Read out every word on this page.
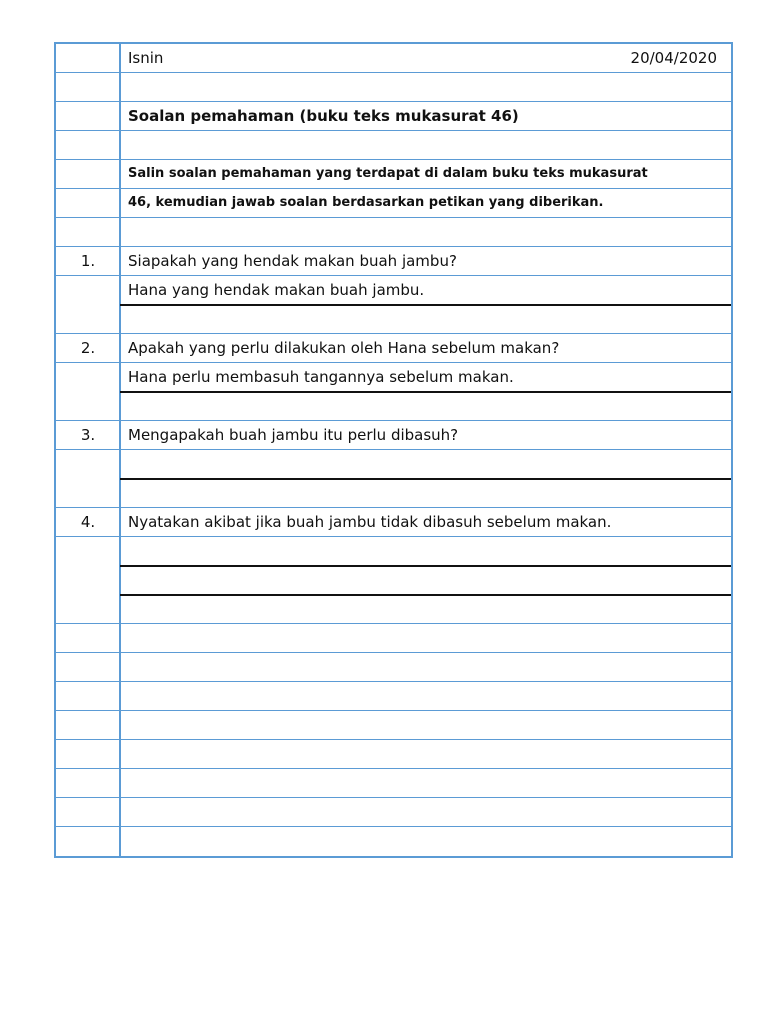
Isnin	20/04/2020
Soalan pemahaman (buku teks mukasurat 46)
Salin soalan pemahaman yang terdapat di dalam buku teks mukasurat
46, kemudian jawab soalan berdasarkan petikan yang diberikan.
1.	Siapakah yang hendak makan buah jambu?
Hana yang hendak makan buah jambu.
2.	Apakah yang perlu dilakukan oleh Hana sebelum makan?
Hana perlu membasuh tangannya sebelum makan.
3.	Mengapakah buah jambu itu perlu dibasuh?
4.	Nyatakan akibat jika buah jambu tidak dibasuh sebelum makan.
